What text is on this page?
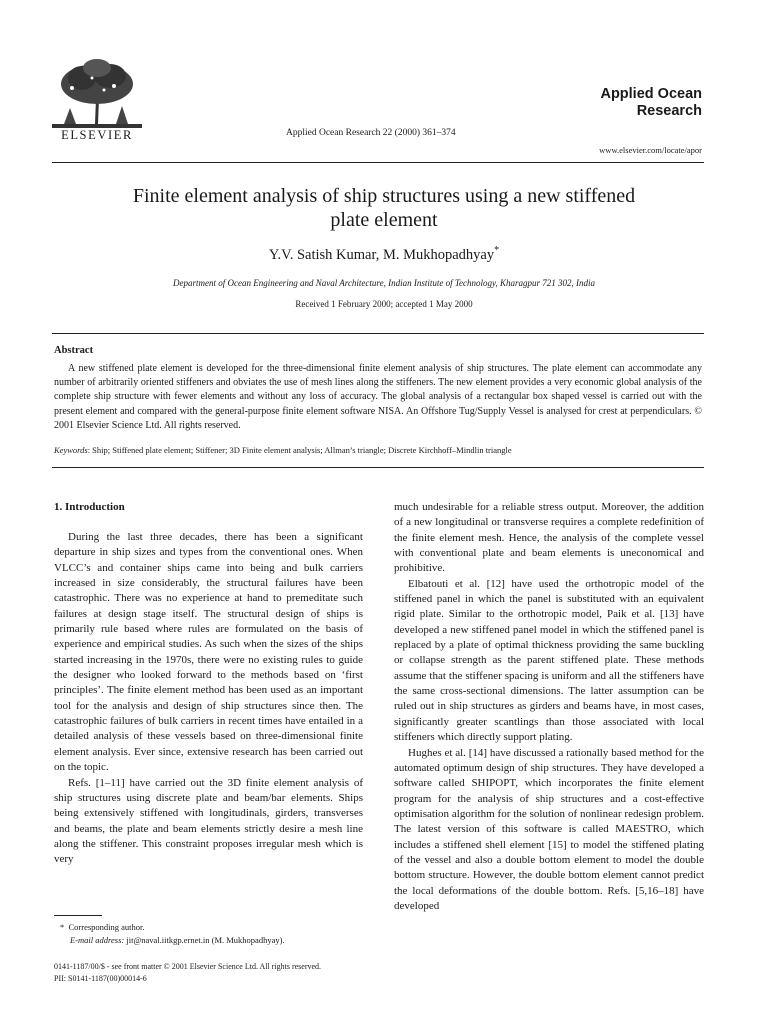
ELSEVIER	Applied Ocean Research 22 (2000) 361–374
Applied Ocean
Research
www.elsevier.com/locate/apor
Finite element analysis of ship structures using a new stiffened
plate element
Y.V. Satish Kumar, M. Mukhopadhyay*
Department of Ocean Engineering and Naval Architecture, Indian Institute of Technology, Kharagpur 721 302, India
Received 1 February 2000; accepted 1 May 2000
Abstract
A new stiffened plate element is developed for the three-dimensional finite element analysis of ship structures. The plate element can accommodate any number of arbitrarily oriented stiffeners and obviates the use of mesh lines along the stiffeners. The new element provides a very economic global analysis of the complete ship structure with fewer elements and without any loss of accuracy. The global analysis of a rectangular box shaped vessel is carried out with the present element and compared with the general-purpose finite element software NISA. An Offshore Tug/Supply Vessel is analysed for crest at perpendiculars. © 2001 Elsevier Science Ltd. All rights reserved.
Keywords: Ship; Stiffened plate element; Stiffener; 3D Finite element analysis; Allman’s triangle; Discrete Kirchhoff–Mindlin triangle
1. Introduction

During the last three decades, there has been a significant departure in ship sizes and types from the conventional ones. When VLCC’s and container ships came into being and bulk carriers increased in size considerably, the structural failures have been catastrophic. There was no experience at hand to premeditate such failures at design stage itself. The structural design of ships is primarily rule based where rules are formulated on the basis of experience and empirical studies. As such when the sizes of the ships started increasing in the 1970s, there were no existing rules to guide the designer who looked forward to the methods based on ‘first principles’. The finite element method has been used as an important tool for the analysis and design of ship structures since then. The catastrophic failures of bulk carriers in recent times have entailed in a detailed analysis of these vessels based on three-dimensional finite element analysis. Ever since, extensive research has been carried out on the topic.

Refs. [1–11] have carried out the 3D finite element analysis of ship structures using discrete plate and beam/bar elements. Ships being extensively stiffened with longitudinals, girders, transverses and beams, the plate and beam elements strictly desire a mesh line along the stiffener. This constraint proposes irregular mesh which is very

much undesirable for a reliable stress output. Moreover, the addition of a new longitudinal or transverse requires a complete redefinition of the finite element mesh. Hence, the analysis of the complete vessel with conventional plate and beam elements is uneconomical and prohibitive.

Elbatouti et al. [12] have used the orthotropic model of the stiffened panel in which the panel is substituted with an equivalent rigid plate. Similar to the orthotropic model, Paik et al. [13] have developed a new stiffened panel model in which the stiffened panel is replaced by a plate of optimal thickness providing the same buckling or collapse strength as the parent stiffened plate. These methods assume that the stiffener spacing is uniform and all the stiffeners have the same cross-sectional dimensions. The latter assumption can be ruled out in ship structures as girders and beams have, in most cases, significantly greater scantlings than those associated with local stiffeners which directly support plating.

Hughes et al. [14] have discussed a rationally based method for the automated optimum design of ship structures. They have developed a software called SHIPOPT, which incorporates the finite element program for the analysis of ship structures and a cost-effective optimisation algorithm for the solution of nonlinear redesign problem. The latest version of this software is called MAESTRO, which includes a stiffened shell element [15] to model the stiffened plating of the vessel and also a double bottom element to model the double bottom structure. However, the double bottom element cannot predict the local deformations of the double bottom. Refs. [5,16–18] have developed

* Corresponding author.
E-mail address: jit@naval.iitkgp.ernet.in (M. Mukhopadhyay).
0141-1187/00/$ - see front matter © 2001 Elsevier Science Ltd. All rights reserved.
PII: S0141-1187(00)00014-6
